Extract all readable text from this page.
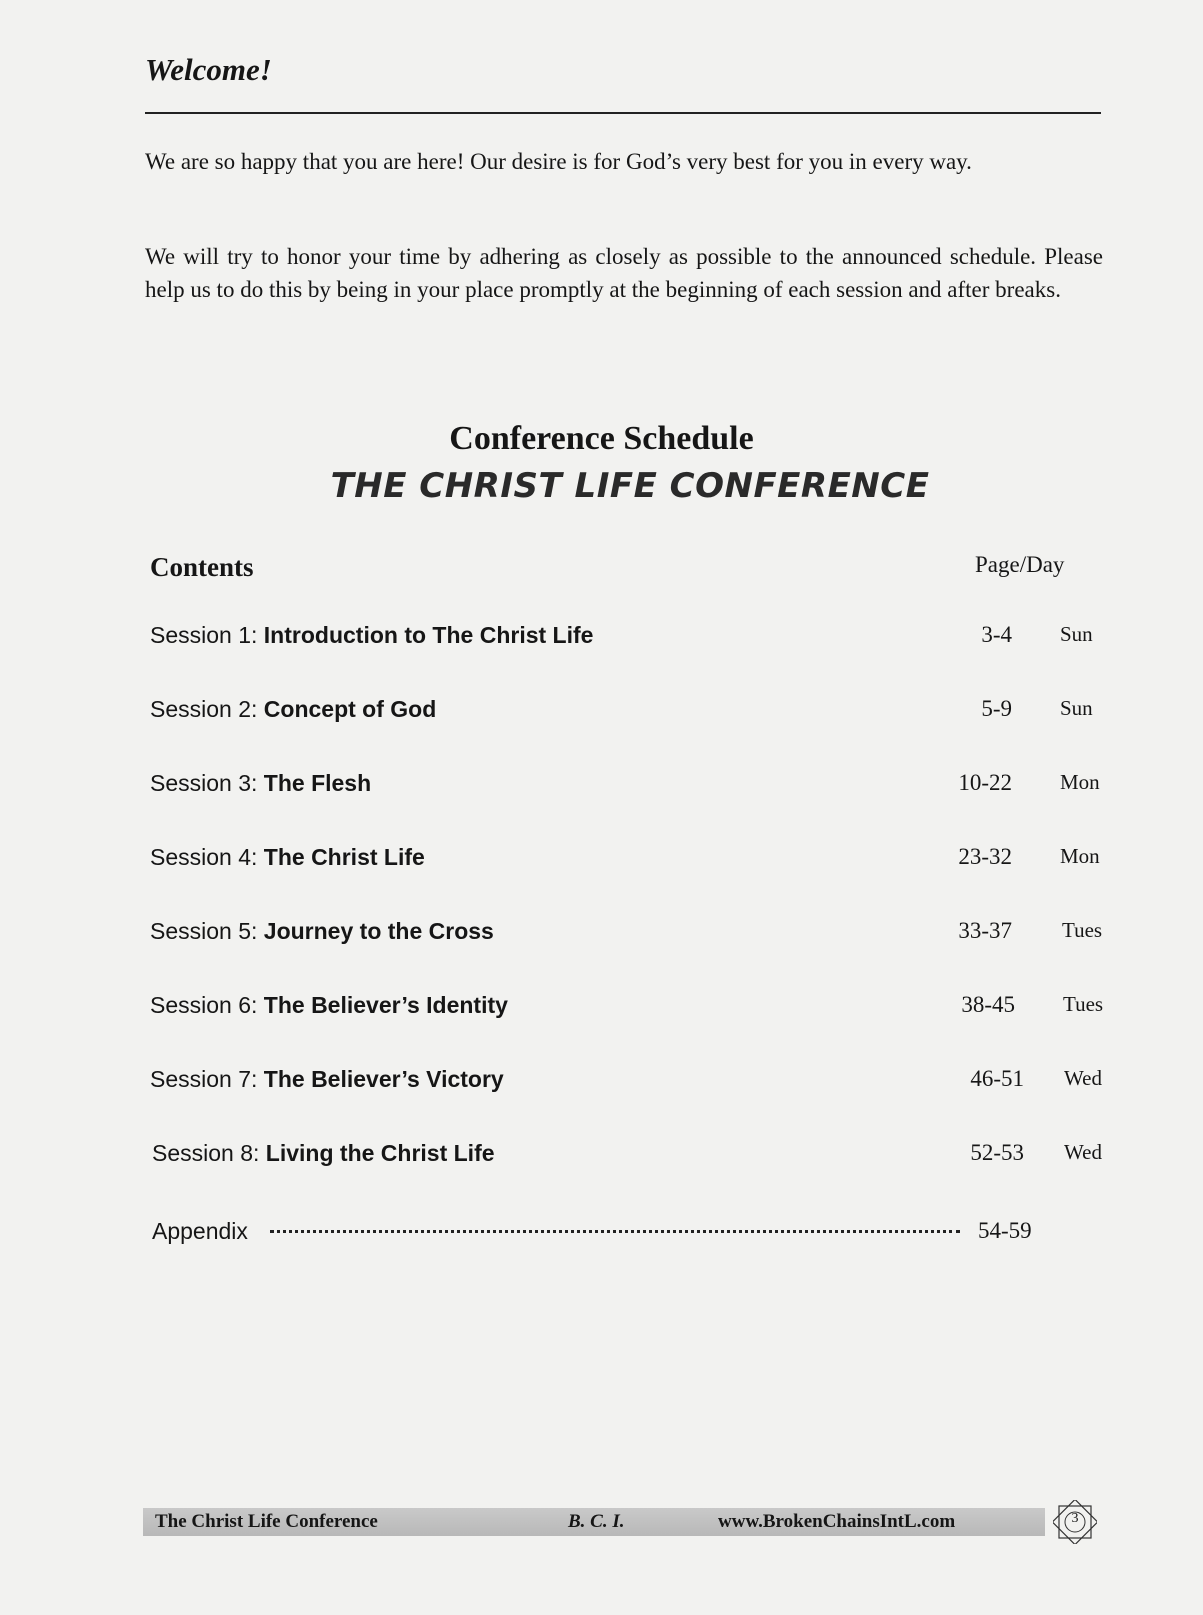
Welcome!

We are so happy that you are here! Our desire is for God’s very best for you in every way.

We will try to honor your time by adhering as closely as possible to the announced schedule. Please help us to do this by being in your place promptly at the beginning of each session and after breaks.

Conference Schedule
THE CHRIST LIFE CONFERENCE
Contents	Page/Day
Session 1: Introduction to The Christ Life	3-4 Sun
Session 2: Concept of God	5-9 Sun
Session 3: The Flesh	10-22 Mon
Session 4: The Christ Life	23-32 Mon
Session 5: Journey to the Cross	33-37 Tues
Session 6: The Believer’s Identity	38-45 Tues
Session 7: The Believer’s Victory	46-51 Wed
Session 8: Living the Christ Life	52-53 Wed
Appendix	54-59
The Christ Life Conference	B. C. I.	www.BrokenChainsIntL.com	3
